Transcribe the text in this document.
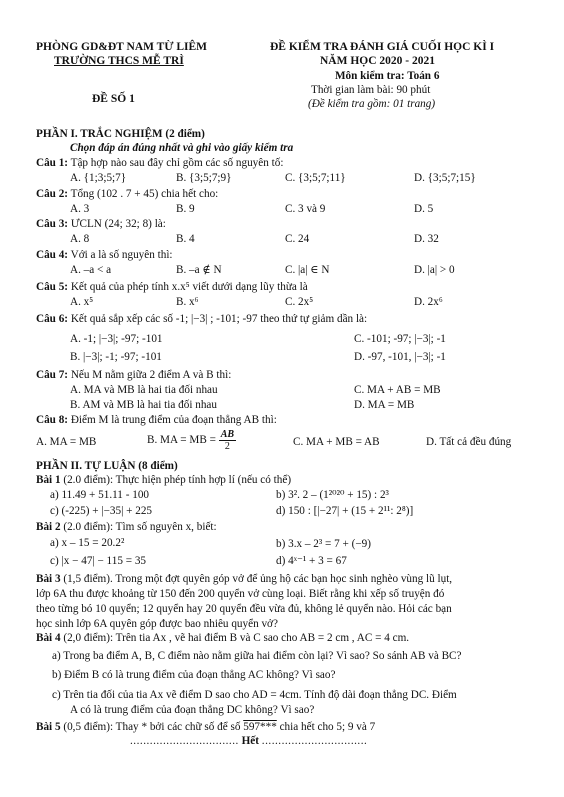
PHÒNG GD&ĐT NAM TỪ LIÊM
TRƯỜNG THCS MỄ TRÌ
ĐỀ KIỂM TRA ĐÁNH GIÁ CUỐI HỌC KÌ I
NĂM HỌC 2020 - 2021
Môn kiểm tra: Toán 6
Thời gian làm bài: 90 phút
(Đề kiểm tra gồm: 01 trang)
ĐỀ SỐ 1
PHẦN I. TRẮC NGHIỆM (2 điểm)
Chọn đáp án đúng nhất và ghi vào giấy kiểm tra
Câu 1: Tập hợp nào sau đây chỉ gồm các số nguyên tố:
A. {1;3;5;7}	B. {3;5;7;9}	C. {3;5;7;11}	D. {3;5;7;15}
Câu 2: Tổng (102 . 7 + 45) chia hết cho:
A. 3	B. 9	C. 3 và 9	D. 5
Câu 3: ƯCLN (24; 32; 8) là:
A. 8	B. 4	C. 24	D. 32
Câu 4: Với a là số nguyên thì:
A. –a < a	B. –a ∉ N	C. |a| ∈ N	D. |a| > 0
Câu 5: Kết quả của phép tính x.x⁵ viết dưới dạng lũy thừa là
A. x⁵	B. x⁶	C. 2x⁵	D. 2x⁶
Câu 6: Kết quả sắp xếp các số -1; |−3| ; -101; -97 theo thứ tự giảm dần là:
A. -1; |−3|; -97; -101	C. -101; -97; |−3|; -1
B. |−3|; -1; -97; -101	D. -97, -101, |−3|; -1
Câu 7: Nếu M nằm giữa 2 điểm A và B thì:
A. MA và MB là hai tia đối nhau	C. MA + AB = MB
B. AM và MB là hai tia đối nhau	D. MA = MB
Câu 8: Điểm M là trung điểm của đoạn thẳng AB thì:
A. MA = MB	B. MA = MB = $\frac{AB}{2}$	C. MA + MB = AB	D. Tất cả đều đúng
PHẦN II. TỰ LUẬN (8 điểm)
Bài 1 (2.0 điểm): Thực hiện phép tính hợp lí (nếu có thể)
a) 11.49 + 51.11 - 100	b) 3². 2 – (1²⁰²⁰ + 15) : 2³
c) (-225) + |−35| + 225	d) 150 : [|−27| + (15 + 2¹¹: 2⁸)]
Bài 2 (2.0 điểm): Tìm số nguyên x, biết:
a) x – 15 = 20.2²	b) 3.x – 2³ = 7 + (−9)
c) |x − 47| − 115 = 35	d) 4ˣ⁻¹ + 3 = 67
Bài 3 (1,5 điểm). Trong một đợt quyên góp vở để ủng hộ các bạn học sinh nghèo vùng lũ lụt,
lớp 6A thu được khoảng từ 150 đến 200 quyển vở cùng loại. Biết rằng khi xếp số truyện đó
theo từng bó 10 quyển; 12 quyển hay 20 quyển đều vừa đủ, không lẻ quyển nào. Hỏi các bạn
học sinh lớp 6A quyên góp được bao nhiêu quyển vở?
Bài 4 (2,0 điểm): Trên tia Ax , vẽ hai điểm B và C sao cho AB = 2 cm , AC = 4 cm.
a) Trong ba điểm A, B, C điểm nào nằm giữa hai điểm còn lại? Vì sao? So sánh AB và BC?
b) Điểm B có là trung điểm của đoạn thẳng AC không? Vì sao?
c) Trên tia đối của tia Ax vẽ điểm D sao cho AD = 4cm. Tính độ dài đoạn thẳng DC. Điểm
A có là trung điểm của đoạn thẳng DC không? Vì sao?
Bài 5 (0,5 điểm): Thay * bởi các chữ số để số 597*** chia hết cho 5; 9 và 7
................................. Hết ................................
